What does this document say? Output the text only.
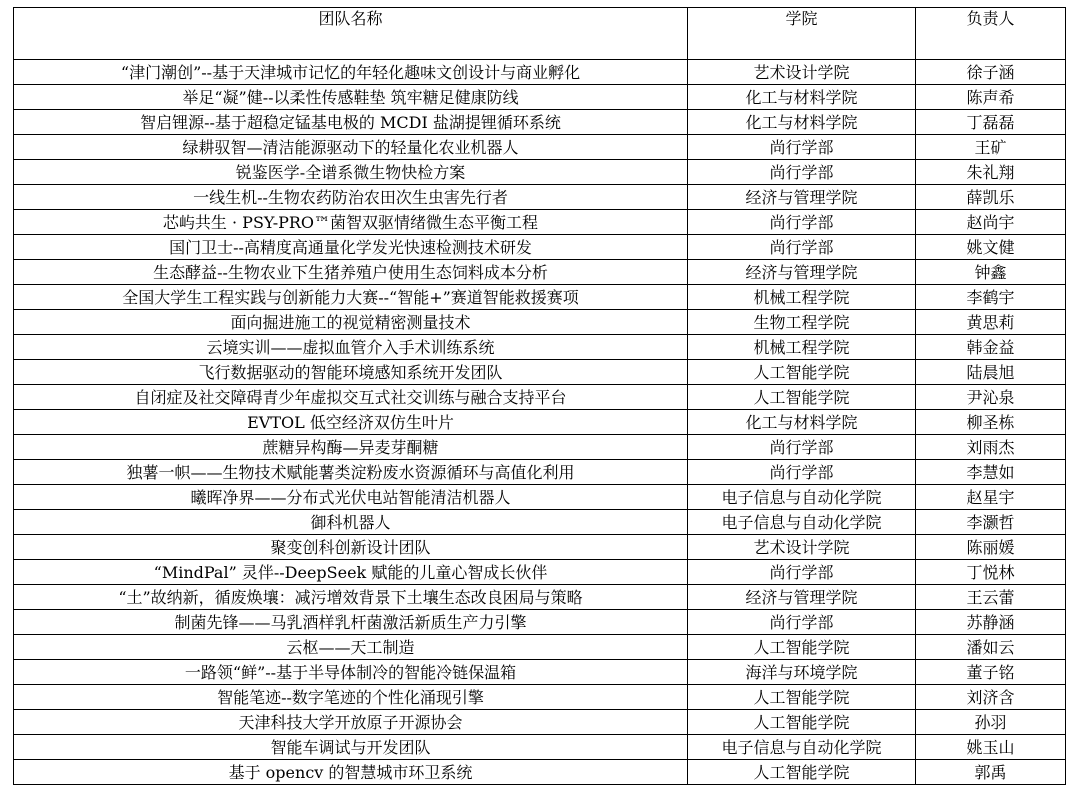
团队名称	学院	负责人
“津门潮创”--基于天津城市记忆的年轻化趣味文创设计与商业孵化	艺术设计学院	徐子涵
举足“凝”健--以柔性传感鞋垫 筑牢糖足健康防线	化工与材料学院	陈声希
智启锂源--基于超稳定锰基电极的 MCDI 盐湖提锂循环系统	化工与材料学院	丁磊磊
绿耕驭智—清洁能源驱动下的轻量化农业机器人	尚行学部	王矿
锐鉴医学-全谱系微生物快检方案	尚行学部	朱礼翔
一线生机--生物农药防治农田次生虫害先行者	经济与管理学院	薛凯乐
芯屿共生 · PSY-PRO™菌智双驱情绪微生态平衡工程	尚行学部	赵尚宇
国门卫士--高精度高通量化学发光快速检测技术研发	尚行学部	姚文健
生态酵益--生物农业下生猪养殖户使用生态饲料成本分析	经济与管理学院	钟鑫
全国大学生工程实践与创新能力大赛--“智能+”赛道智能救援赛项	机械工程学院	李鹤宇
面向掘进施工的视觉精密测量技术	生物工程学院	黄思莉
云境实训——虚拟血管介入手术训练系统	机械工程学院	韩金益
飞行数据驱动的智能环境感知系统开发团队	人工智能学院	陆晨旭
自闭症及社交障碍青少年虚拟交互式社交训练与融合支持平台	人工智能学院	尹沁泉
EVTOL 低空经济双仿生叶片	化工与材料学院	柳圣栋
蔗糖异构酶—异麦芽酮糖	尚行学部	刘雨杰
独薯一帜——生物技术赋能薯类淀粉废水资源循环与高值化利用	尚行学部	李慧如
曦晖净界——分布式光伏电站智能清洁机器人	电子信息与自动化学院	赵星宇
御科机器人	电子信息与自动化学院	李灏哲
聚变创科创新设计团队	艺术设计学院	陈丽媛
“MindPal” 灵伴--DeepSeek 赋能的儿童心智成长伙伴	尚行学部	丁悦林
“土”故纳新，循废焕壤：减污增效背景下土壤生态改良困局与策略	经济与管理学院	王云蕾
制菌先锋——马乳酒样乳杆菌激活新质生产力引擎	尚行学部	苏静涵
云枢——天工制造	人工智能学院	潘如云
一路领“鲜”--基于半导体制冷的智能冷链保温箱	海洋与环境学院	董子铭
智能笔迹--数字笔迹的个性化涌现引擎	人工智能学院	刘济含
天津科技大学开放原子开源协会	人工智能学院	孙羽
智能车调试与开发团队	电子信息与自动化学院	姚玉山
基于 opencv 的智慧城市环卫系统	人工智能学院	郭禹
